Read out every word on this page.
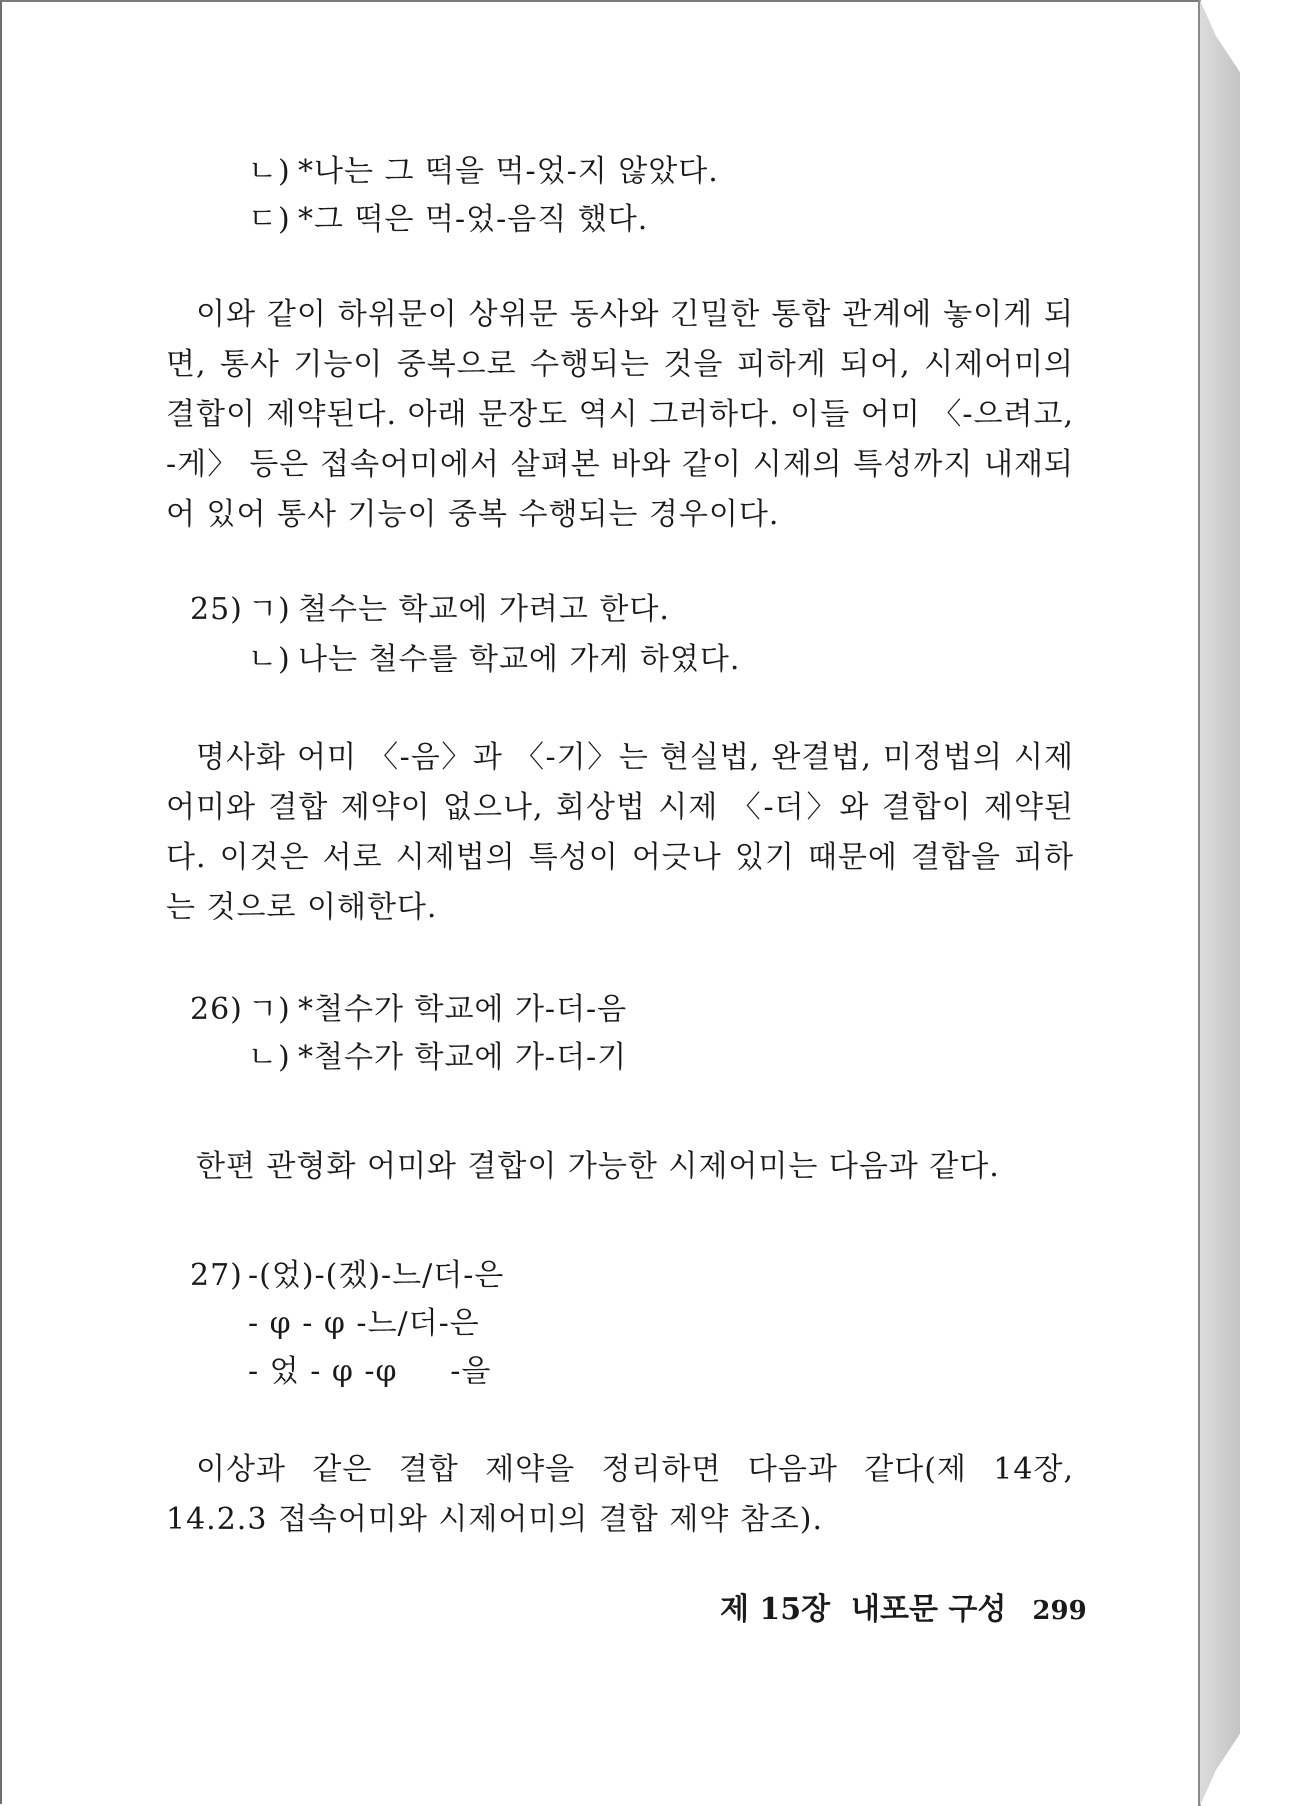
ㄴ) *나는 그 떡을 먹-었-지 않았다.
ㄷ) *그 떡은 먹-었-음직 했다.
이와 같이 하위문이 상위문 동사와 긴밀한 통합 관계에 놓이게 되면, 통사 기능이 중복으로 수행되는 것을 피하게 되어, 시제어미의 결합이 제약된다. 아래 문장도 역시 그러하다. 이들 어미 〈-으려고, -게〉 등은 접속어미에서 살펴본 바와 같이 시제의 특성까지 내재되어 있어 통사 기능이 중복 수행되는 경우이다.
25) ㄱ) 철수는 학교에 가려고 한다.
ㄴ) 나는 철수를 학교에 가게 하였다.
명사화 어미 〈-음〉과 〈-기〉는 현실법, 완결법, 미정법의 시제어미와 결합 제약이 없으나, 회상법 시제 〈-더〉와 결합이 제약된다. 이것은 서로 시제법의 특성이 어긋나 있기 때문에 결합을 피하는 것으로 이해한다.
26) ㄱ) *철수가 학교에 가-더-음
ㄴ) *철수가 학교에 가-더-기
한편 관형화 어미와 결합이 가능한 시제어미는 다음과 같다.
27) -(었)-(겠)-느/더-은
- φ - φ -느/더-은
- 었 - φ -φ     -을
이상과 같은 결합 제약을 정리하면 다음과 같다(제 14장, 14.2.3 접속어미와 시제어미의 결합 제약 참조).
제 15장  내포문 구성 299
